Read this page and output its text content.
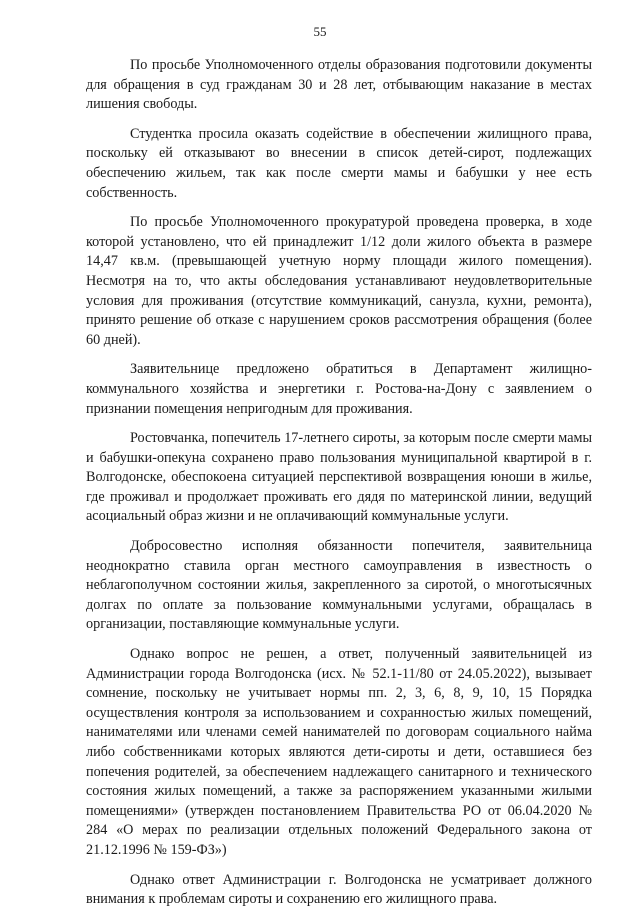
55

По просьбе Уполномоченного отделы образования подготовили документы для обращения в суд гражданам 30 и 28 лет, отбывающим наказание в местах лишения свободы.

Студентка просила оказать содействие в обеспечении жилищного права, поскольку ей отказывают во внесении в список детей-сирот, подлежащих обеспечению жильем, так как после смерти мамы и бабушки у нее есть собственность.

По просьбе Уполномоченного прокуратурой проведена проверка, в ходе которой установлено, что ей принадлежит 1/12 доли жилого объекта в размере 14,47 кв.м. (превышающей учетную норму площади жилого помещения). Несмотря на то, что акты обследования устанавливают неудовлетворительные условия для проживания (отсутствие коммуникаций, санузла, кухни, ремонта), принято решение об отказе с нарушением сроков рассмотрения обращения (более 60 дней).

Заявительнице предложено обратиться в Департамент жилищно-коммунального хозяйства и энергетики г. Ростова-на-Дону с заявлением о признании помещения непригодным для проживания.

Ростовчанка, попечитель 17-летнего сироты, за которым после смерти мамы и бабушки-опекуна сохранено право пользования муниципальной квартирой в г. Волгодонске, обеспокоена ситуацией перспективой возвращения юноши в жилье, где проживал и продолжает проживать его дядя по материнской линии, ведущий асоциальный образ жизни и не оплачивающий коммунальные услуги.

Добросовестно исполняя обязанности попечителя, заявительница неоднократно ставила орган местного самоуправления в известность о неблагополучном состоянии жилья, закрепленного за сиротой, о многотысячных долгах по оплате за пользование коммунальными услугами, обращалась в организации, поставляющие коммунальные услуги.

Однако вопрос не решен, а ответ, полученный заявительницей из Администрации города Волгодонска (исх. № 52.1-11/80 от 24.05.2022), вызывает сомнение, поскольку не учитывает нормы пп. 2, 3, 6, 8, 9, 10, 15 Порядка осуществления контроля за использованием и сохранностью жилых помещений, нанимателями или членами семей нанимателей по договорам социального найма либо собственниками которых являются дети-сироты и дети, оставшиеся без попечения родителей, за обеспечением надлежащего санитарного и технического состояния жилых помещений, а также за распоряжением указанными жилыми помещениями» (утвержден постановлением Правительства РО от 06.04.2020 № 284 «О мерах по реализации отдельных положений Федерального закона от 21.12.1996 № 159-ФЗ»)

Однако ответ Администрации г. Волгодонска не усматривает должного внимания к проблемам сироты и сохранению его жилищного права.
